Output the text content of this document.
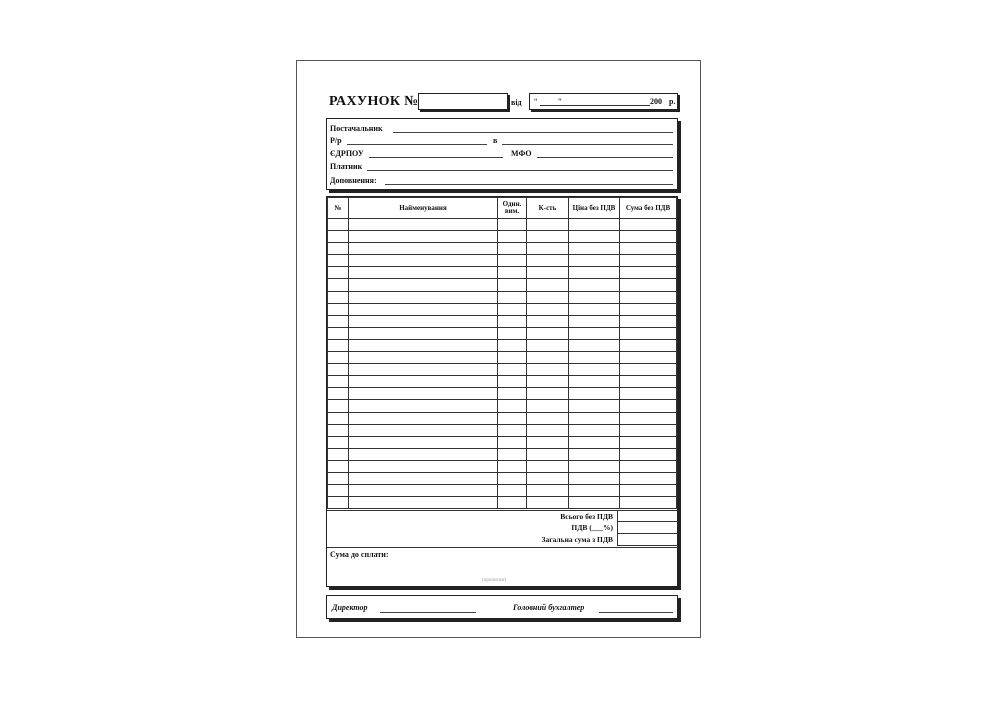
РАХУНОК №	від “	”	200 р.
Постачальник
Р/р	в
ЄДРПОУ	МФО
Платник
Доповнення:
№	Найменування	Один. вим.	К-сть	Ціна без ПДВ	Сума без ПДВ

Всього без ПДВ
ПДВ (___%)
Загальна сума з ПДВ
Сума до сплати:
(прописом)
Директор	Головний бухгалтер
